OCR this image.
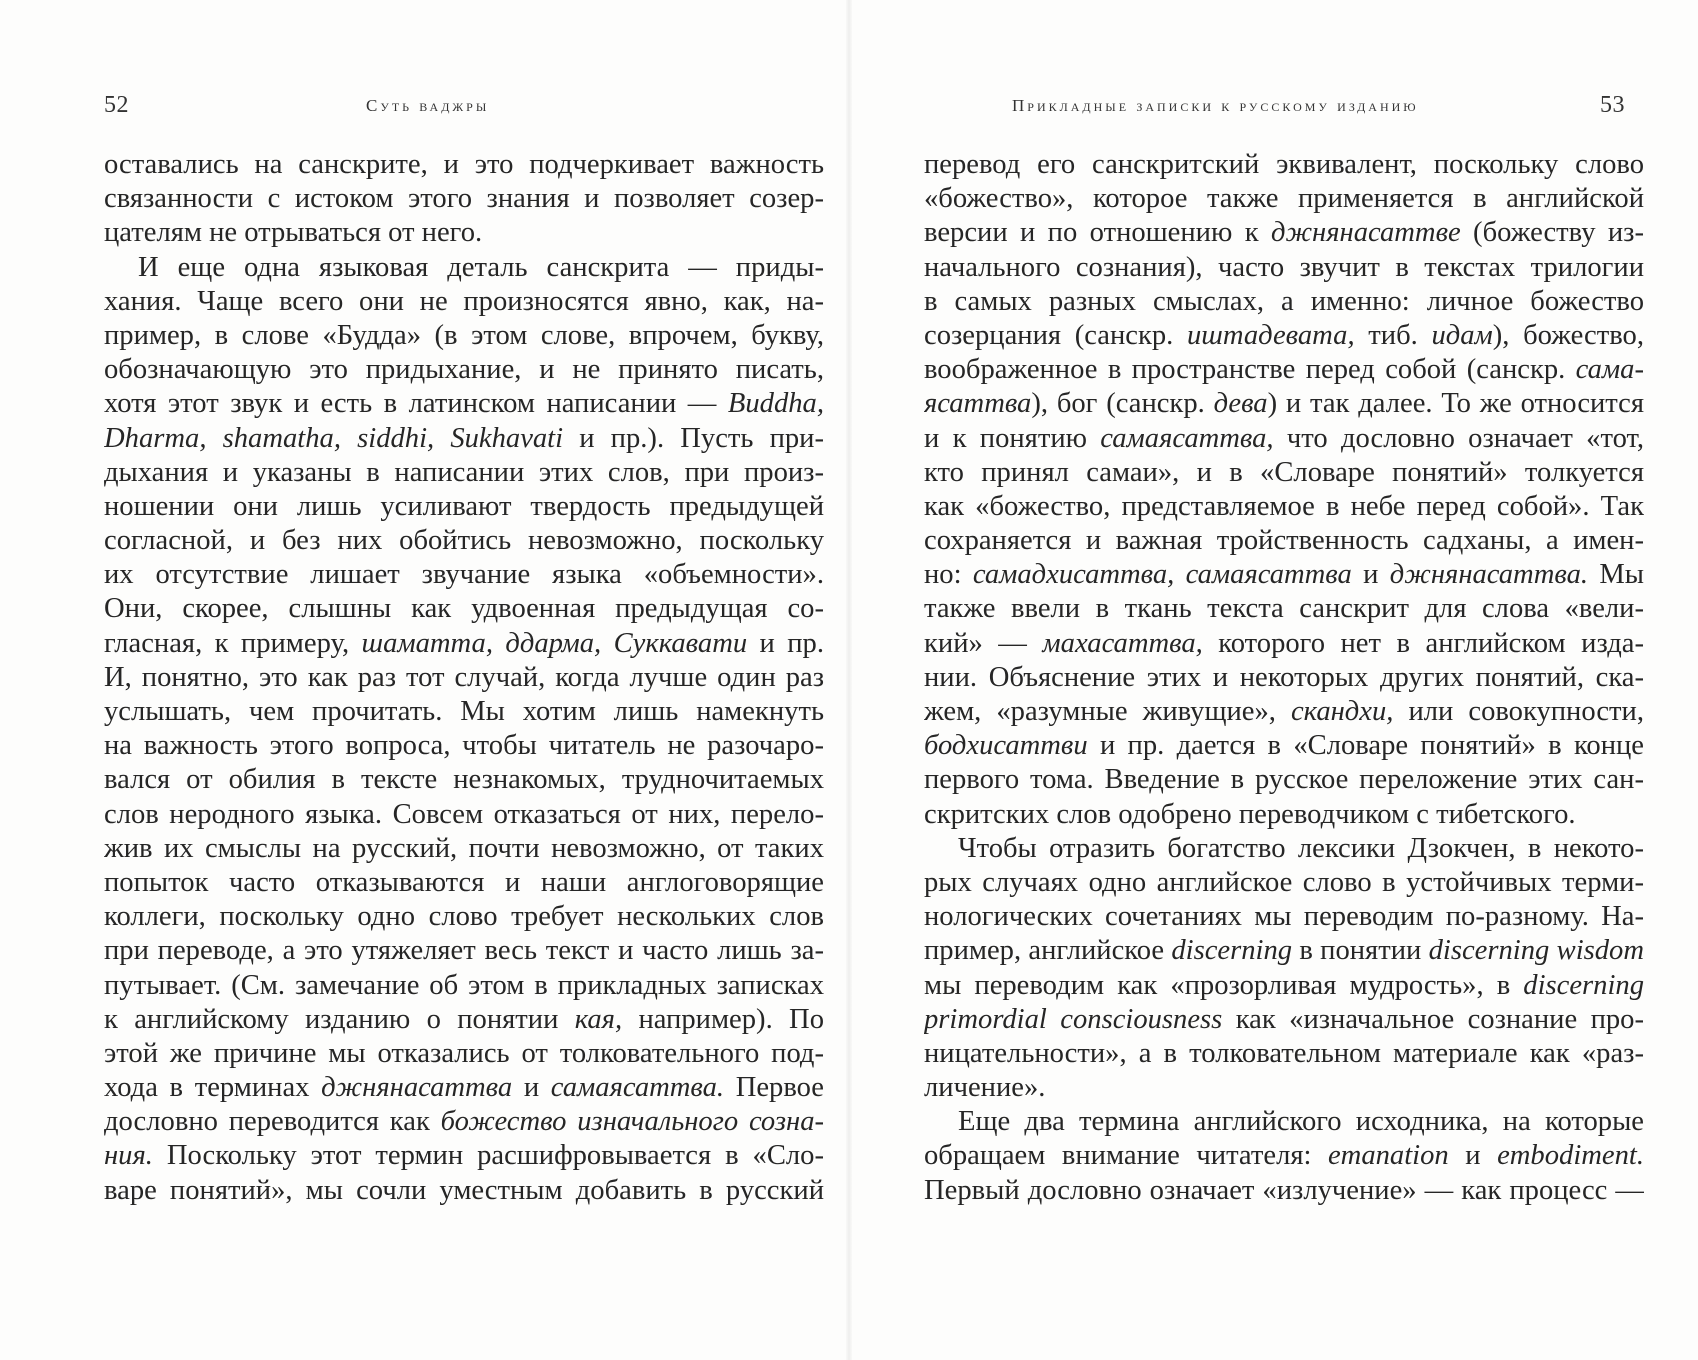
52	Суть ваджры
оставались на санскрите, и это подчеркивает важность
связанности с истоком этого знания и позволяет созер-
цателям не отрываться от него.
И еще одна языковая деталь санскрита — приды-
хания. Чаще всего они не произносятся явно, как, на-
пример, в слове «Будда» (в этом слове, впрочем, букву,
обозначающую это придыхание, и не принято писать,
хотя этот звук и есть в латинском написании — Buddha,
Dharma, shamatha, siddhi, Sukhavati и пр.). Пусть при-
дыхания и указаны в написании этих слов, при произ-
ношении они лишь усиливают твердость предыдущей
согласной, и без них обойтись невозможно, поскольку
их отсутствие лишает звучание языка «объемности».
Они, скорее, слышны как удвоенная предыдущая со-
гласная, к примеру, шаматта, ддарма, Суккавати и пр.
И, понятно, это как раз тот случай, когда лучше один раз
услышать, чем прочитать. Мы хотим лишь намекнуть
на важность этого вопроса, чтобы читатель не разочаро-
вался от обилия в тексте незнакомых, трудночитаемых
слов неродного языка. Совсем отказаться от них, перело-
жив их смыслы на русский, почти невозможно, от таких
попыток часто отказываются и наши англоговорящие
коллеги, поскольку одно слово требует нескольких слов
при переводе, а это утяжеляет весь текст и часто лишь за-
путывает. (См. замечание об этом в прикладных записках
к английскому изданию о понятии кая, например). По
этой же причине мы отказались от толковательного под-
хода в терминах джнянасаттва и самаясаттва. Первое
дословно переводится как божество изначального созна-
ния. Поскольку этот термин расшифровывается в «Сло-
варе понятий», мы сочли уместным добавить в русский
Прикладные записки к русскому изданию	53
перевод его санскритский эквивалент, поскольку слово
«божество», которое также применяется в английской
версии и по отношению к джнянасаттве (божеству из-
начального сознания), часто звучит в текстах трилогии
в самых разных смыслах, а именно: личное божество
созерцания (санскр. иштадевата, тиб. идам), божество,
воображенное в пространстве перед собой (санскр. сама-
ясаттва), бог (санскр. дева) и так далее. То же относится
и к понятию самаясаттва, что дословно означает «тот,
кто принял самаи», и в «Словаре понятий» толкуется
как «божество, представляемое в небе перед собой». Так
сохраняется и важная тройственность садханы, а имен-
но: самадхисаттва, самаясаттва и джнянасаттва. Мы
также ввели в ткань текста санскрит для слова «вели-
кий» — махасаттва, которого нет в английском изда-
нии. Объяснение этих и некоторых других понятий, ска-
жем, «разумные живущие», скандхи, или совокупности,
бодхисаттви и пр. дается в «Словаре понятий» в конце
первого тома. Введение в русское переложение этих сан-
скритских слов одобрено переводчиком с тибетского.
Чтобы отразить богатство лексики Дзокчен, в некото-
рых случаях одно английское слово в устойчивых терми-
нологических сочетаниях мы переводим по-разному. На-
пример, английское discerning в понятии discerning wisdom
мы переводим как «прозорливая мудрость», в discerning
primordial consciousness как «изначальное сознание про-
ницательности», а в толковательном материале как «раз-
личение».
Еще два термина английского исходника, на которые
обращаем внимание читателя: emanation и embodiment.
Первый дословно означает «излучение» — как процесс —
